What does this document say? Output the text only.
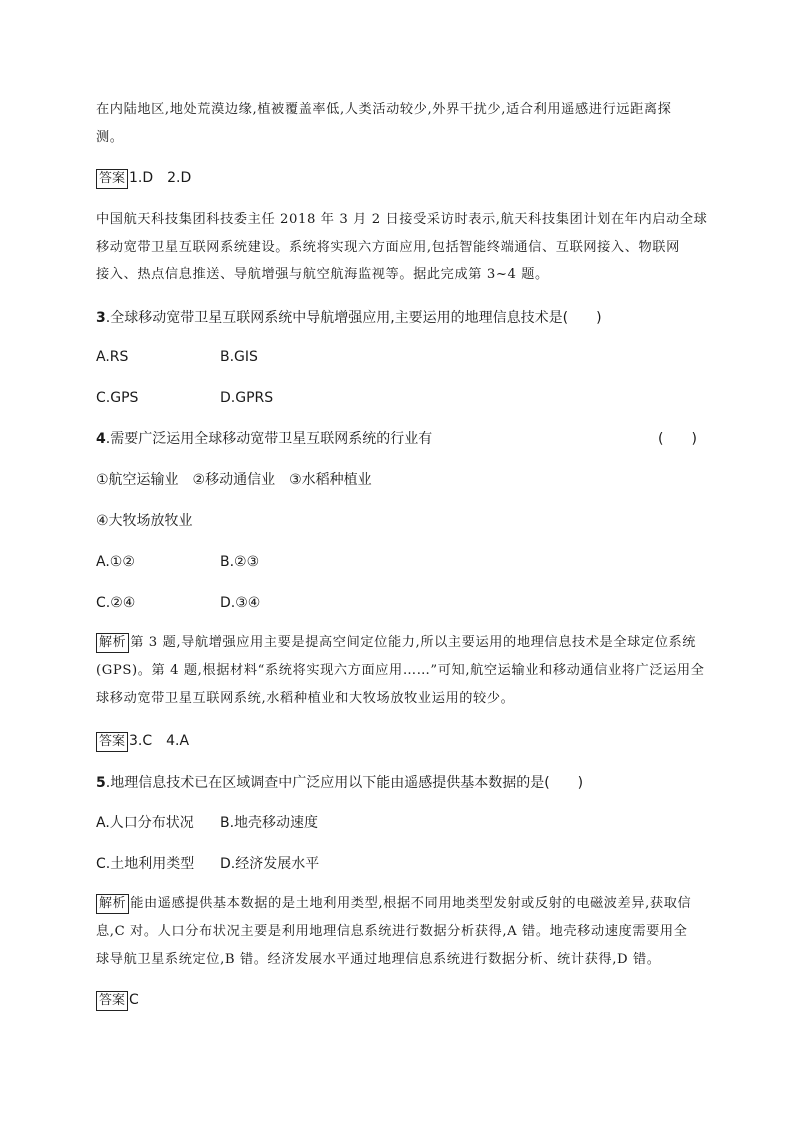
在内陆地区,地处荒漠边缘,植被覆盖率低,人类活动较少,外界干扰少,适合利用遥感进行远距离探
测。
答案 1.D　2.D
中国航天科技集团科技委主任 2018 年 3 月 2 日接受采访时表示,航天科技集团计划在年内启动全球
移动宽带卫星互联网系统建设。系统将实现六方面应用,包括智能终端通信、互联网接入、物联网
接入、热点信息推送、导航增强与航空航海监视等。据此完成第 3~4 题。
3.全球移动宽带卫星互联网系统中导航增强应用,主要运用的地理信息技术是(　　)
A.RS	B.GIS
C.GPS	D.GPRS
4.需要广泛运用全球移动宽带卫星互联网系统的行业有	(　　)
①航空运输业　②移动通信业　③水稻种植业
④大牧场放牧业
A.①②	B.②③
C.②④	D.③④
解析 第 3 题,导航增强应用主要是提高空间定位能力,所以主要运用的地理信息技术是全球定位系统
(GPS)。第 4 题,根据材料“系统将实现六方面应用……”可知,航空运输业和移动通信业将广泛运用全
球移动宽带卫星互联网系统,水稻种植业和大牧场放牧业运用的较少。
答案 3.C　4.A
5.地理信息技术已在区域调查中广泛应用以下能由遥感提供基本数据的是(　　)
A.人口分布状况 B.地壳移动速度
C.土地利用类型 D.经济发展水平
解析 能由遥感提供基本数据的是土地利用类型,根据不同用地类型发射或反射的电磁波差异,获取信
息,C 对。人口分布状况主要是利用地理信息系统进行数据分析获得,A 错。地壳移动速度需要用全
球导航卫星系统定位,B 错。经济发展水平通过地理信息系统进行数据分析、统计获得,D 错。
答案 C
